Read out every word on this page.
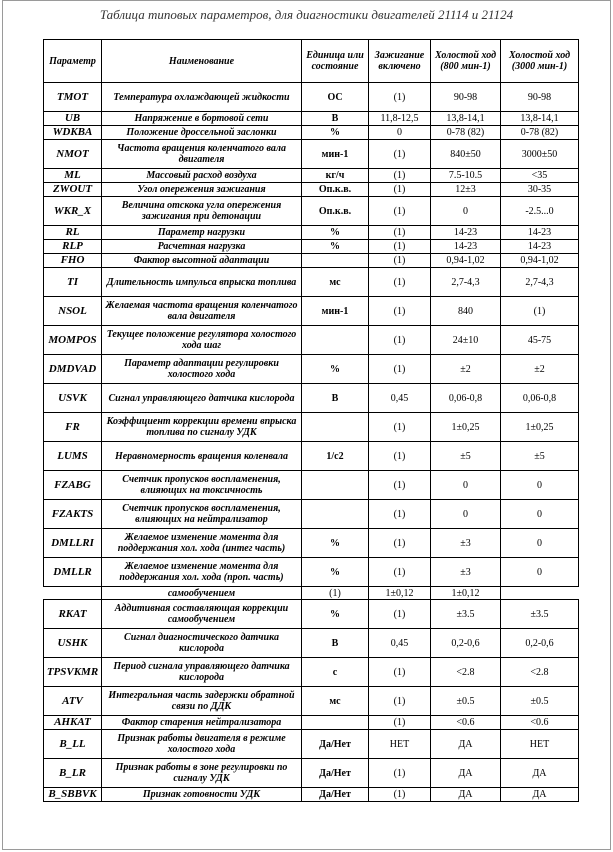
Таблица типовых параметров, для диагностики двигателей 21114 и 21124
Параметр	Наименование	Единица или состояние	Зажигание включено	Холостой ход (800 мин-1)	Холостой ход (3000 мин-1)
TMOT	Температура охлаждающей жидкости	ОС	(1)	90-98	90-98
UB	Напряжение в бортовой сети	В	11,8-12,5	13,8-14,1	13,8-14,1
WDKBA	Положение дроссельной заслонки	%	0	0-78 (82)	0-78 (82)
NMOT	Частота вращения коленчатого вала двигателя	мин-1	(1)	840±50	3000±50
ML	Массовый расход воздуха	кг/ч	(1)	7.5-10.5	<35
ZWOUT	Угол опережения зажигания	Оп.к.в.	(1)	12±3	30-35
WKR_X	Величина отскока угла опережения зажигания при детонации	Оп.к.в.	(1)	0	-2.5...0
RL	Параметр нагрузки	%	(1)	14-23	14-23
RLP	Расчетная нагрузка	%	(1)	14-23	14-23
FHO	Фактор высотной адаптации		(1)	0,94-1,02	0,94-1,02
TI	Длительность импульса впрыска топлива	мс	(1)	2,7-4,3	2,7-4,3
NSOL	Желаемая частота вращения коленчатого вала двигателя	мин-1	(1)	840	(1)
MOMPOS	Текущее положение регулятора холостого хода шаг		(1)	24±10	45-75
DMDVAD	Параметр адаптации регулировки холостого хода	%	(1)	±2	±2
USVK	Сигнал управляющего датчика кислорода	В	0,45	0,06-0,8	0,06-0,8
FR	Коэффициент коррекции времени впрыска топлива по сигналу УДК		(1)	1±0,25	1±0,25
LUMS	Неравномерность вращения коленвала	1/с2	(1)	±5	±5
FZABG	Счетчик пропусков воспламенения, влияющих на токсичность		(1)	0	0
FZAKTS	Счетчик пропусков воспламенения, влияющих на нейтрализатор		(1)	0	0
DMLLRI	Желаемое изменение момента для поддержания хол. хода (интег часть)	%	(1)	±3	0
DMLLR	Желаемое изменение момента для поддержания хол. хода (проп. часть)	%	(1)	±3	0
	самообучением	(1)	1±0,12	1±0,12	
RKAT	Аддитивная составляющая коррекции самообучением	%	(1)	±3.5	±3.5
USHK	Сигнал диагностического датчика кислорода	В	0,45	0,2-0,6	0,2-0,6
TPSVKMR	Период сигнала управляющего датчика кислорода	с	(1)	<2.8	<2.8
ATV	Интегральная часть задержки обратной связи по ДДК	мс	(1)	±0.5	±0.5
AHKAT	Фактор старения нейтрализатора		(1)	<0.6	<0.6
B_LL	Признак работы двигателя в режиме холостого хода	Да/Нет	НЕТ	ДА	НЕТ
B_LR	Признак работы в зоне регулировки по сигналу УДК	Да/Нет	(1)	ДА	ДА
B_SBBVK	Признак готовности УДК	Да/Нет	(1)	ДА	ДА
